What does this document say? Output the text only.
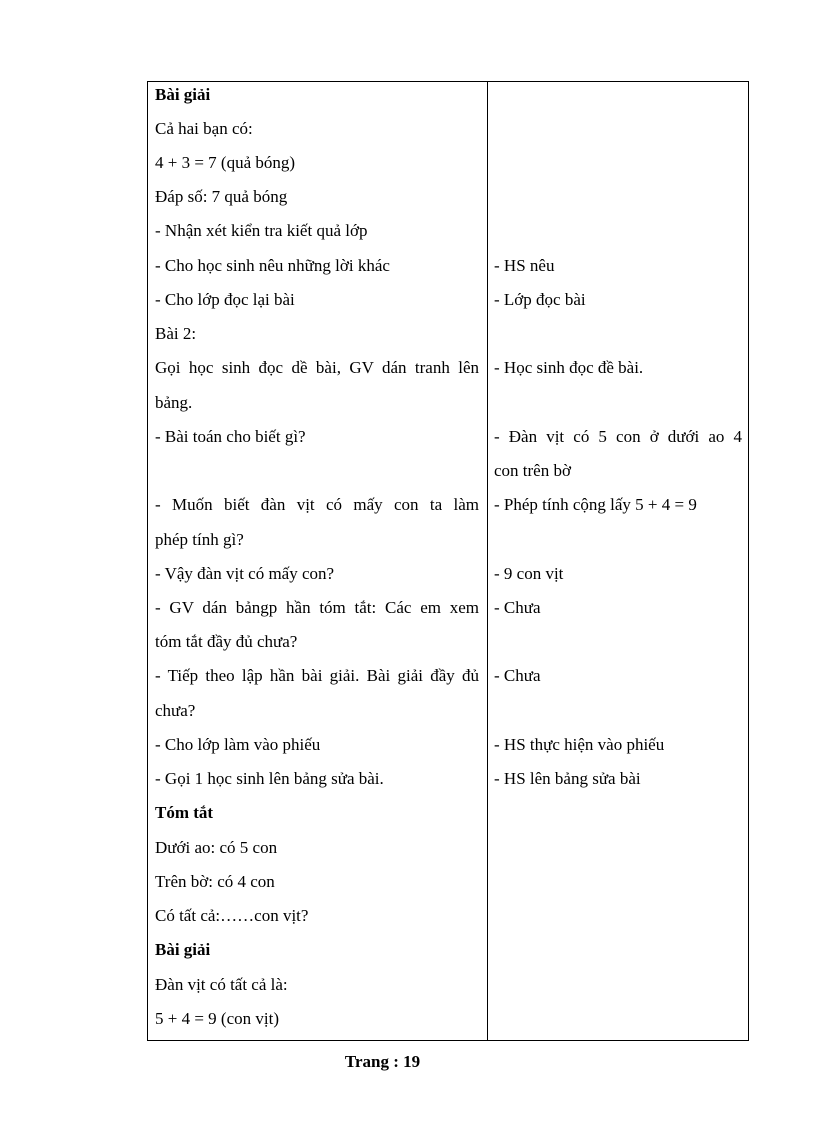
Bài giải
Cả hai bạn có:
4 + 3 = 7 (quả bóng)
Đáp số: 7 quả bóng
- Nhận xét kiển tra kiết quả lớp
- Cho học sinh nêu những lời khác
- Cho lớp đọc lại bài
Bài 2:
Gọi học sinh đọc dề bài, GV dán tranh lên
bảng.
- Bài toán cho biết gì?
- Muốn biết đàn vịt có mấy con ta làm
phép tính gì?
- Vậy đàn vịt có mấy con?
- GV dán bảngp hần tóm tắt: Các em xem
tóm tắt đầy đủ chưa?
- Tiếp theo lập hần bài giải. Bài giải đầy đủ
chưa?
- Cho lớp làm vào phiếu
- Gọi 1 học sinh lên bảng sửa bài.
Tóm tắt
Dưới ao: có 5 con
Trên bờ: có 4 con
Có tất cả:……con vịt?
Bài giải
Đàn vịt có tất cả là:
5 + 4 = 9 (con vịt)
- HS nêu
- Lớp đọc bài
- Học sinh đọc đề bài.
- Đàn vịt có 5 con ở dưới ao 4
con trên bờ
- Phép tính cộng lấy 5 + 4 = 9
- 9 con vịt
- Chưa
- Chưa
- HS thực hiện vào phiếu
- HS lên bảng sửa bài
Trang : 19
